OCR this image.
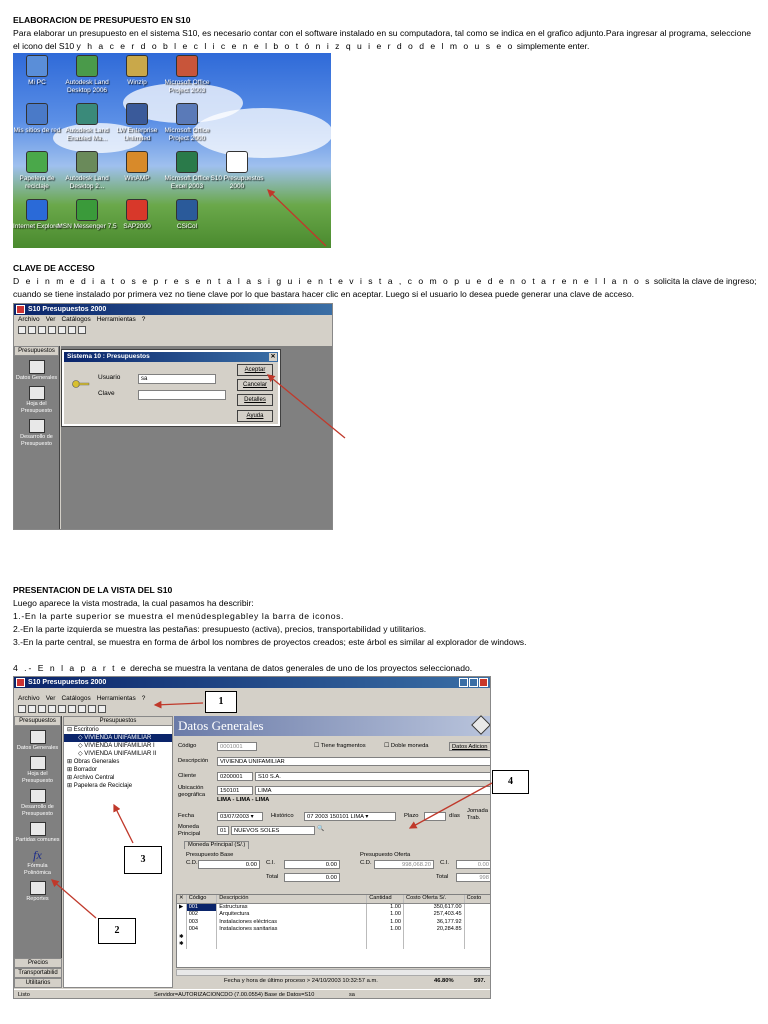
ELABORACION DE PRESUPUESTO EN S10
Para elaborar un presupuesto en el sistema S10, es necesario contar con el software instalado en su computadora, tal como se indica en el grafico adjunto.Para ingresar al programa, seleccione el icono del S10 y h a c e r d o b l e c l i c e n e l b o t ó n i z q u i e r d o d e l m o u s e o simplemente enter.
Mi PC	Autodesk Land Desktop 2006
Winzip	Microsoft Office Project 2003
Mis sitios de red Autodesk Land Enabled Ma...
LW Enterprise Unlimited
Microsoft Office Project 2000
Papelera de reciclaje
Autodesk Land Desktop 2...
WinAMP	Microsoft Office Excel 2003
S10 Presupuestos 2000
Internet Explorer
MSN Messenger 7.5	SAP2000	CSiCol
CLAVE DE ACCESO
D e i n m e d i a t o s e p r e s e n t a l a s i g u i e n t e v i s t a , c o m o p u e d e n o t a r e n e l l a n o s solicita la clave de ingreso; cuando se tiene instalado por primera vez no tiene clave por lo que bastara hacer clic en aceptar. Luego si el usuario lo desea puede generar una clave de acceso.
S10 Presupuestos 2000
Archivo Ver Catálogos Herramientas ?
Presupuestos
Datos Generales
Hoja del Presupuesto
Desarrollo de Presupuesto
Sistema 10 : Presupuestos	✕
Usuario	sa
Clave
Aceptar
Cancelar
Detalles
Ayuda
PRESENTACION DE LA VISTA DEL S10
Luego aparece la vista mostrada, la cual pasamos ha describir:
1.-En la parte superior se muestra el menúdesplegabley la barra de iconos.
2.-En la parte izquierda se muestra las pestañas: presupuesto (activa), precios, transportabilidad y utilitarios.
3.-En la parte central, se muestra en forma de árbol los nombres de proyectos creados; este árbol es similar al explorador de windows.
4 .- E n l a p a r t e derecha se muestra la ventana de datos generales de uno de los proyectos seleccionado.
S10 Presupuestos 2000
Archivo Ver Catálogos Herramientas ?
Presupuestos
Datos Generales
Hoja del Presupuesto
Desarrollo de Presupuesto
Partidas comunes
fx
Fórmula Polinómica
Reportes
Precios
Transportabilid
Utilitarios
Presupuestos
⊟ Escritorio
◇ VIVIENDA UNIFAMILIAR
◇ VIVIENDA UNIFAMILIAR I
◇ VIVIENDA UNIFAMILIAR II
⊞ Obras Generales
⊞ Borrador
⊞ Archivo Central
⊞ Papelera de Reciclaje
Datos Generales
Código	0001001	☐ Tiene fragmentos	☐ Doble moneda	Datos Adicion
Descripción	VIVIENDA UNIFAMILIAR
Cliente	0200001	S10 S.A.
Ubicación geográfica
150101	LIMA
LIMA - LIMA - LIMA
Fecha	03/07/2003 ▾	Histórico	07 2003 150101 LIMA ▾	Plazo	días
Jornada Trab.
Moneda Principal	01	NUEVOS SOLES	🔍
Moneda Principal (S/.)
Presupuesto Base
C.D.	0.00	C.I.	0.00
Total	0.00
Presupuesto Oferta
C.D.	998,068.20	C.I.	0.00
Total	998
✕	Código	Descripción	Cantidad	Costo Oferta S/.	Costo
▶	001	Estructuras	1.00	350,617.00	
	002	Arquitectura	1.00	257,403.45	
	003	Instalaciones eléctricas	1.00	36,177.92	
	004	Instalaciones sanitarias	1.00	20,284.85	
✱					
✱					
Fecha y hora de último proceso > 24/10/2003 10:32:57 a.m.	46.80%	597.
Listo	Servidor=AUTORIZACIONCDO (7.00.0554) Base de Datos=S10	sa
1
2
3
4
